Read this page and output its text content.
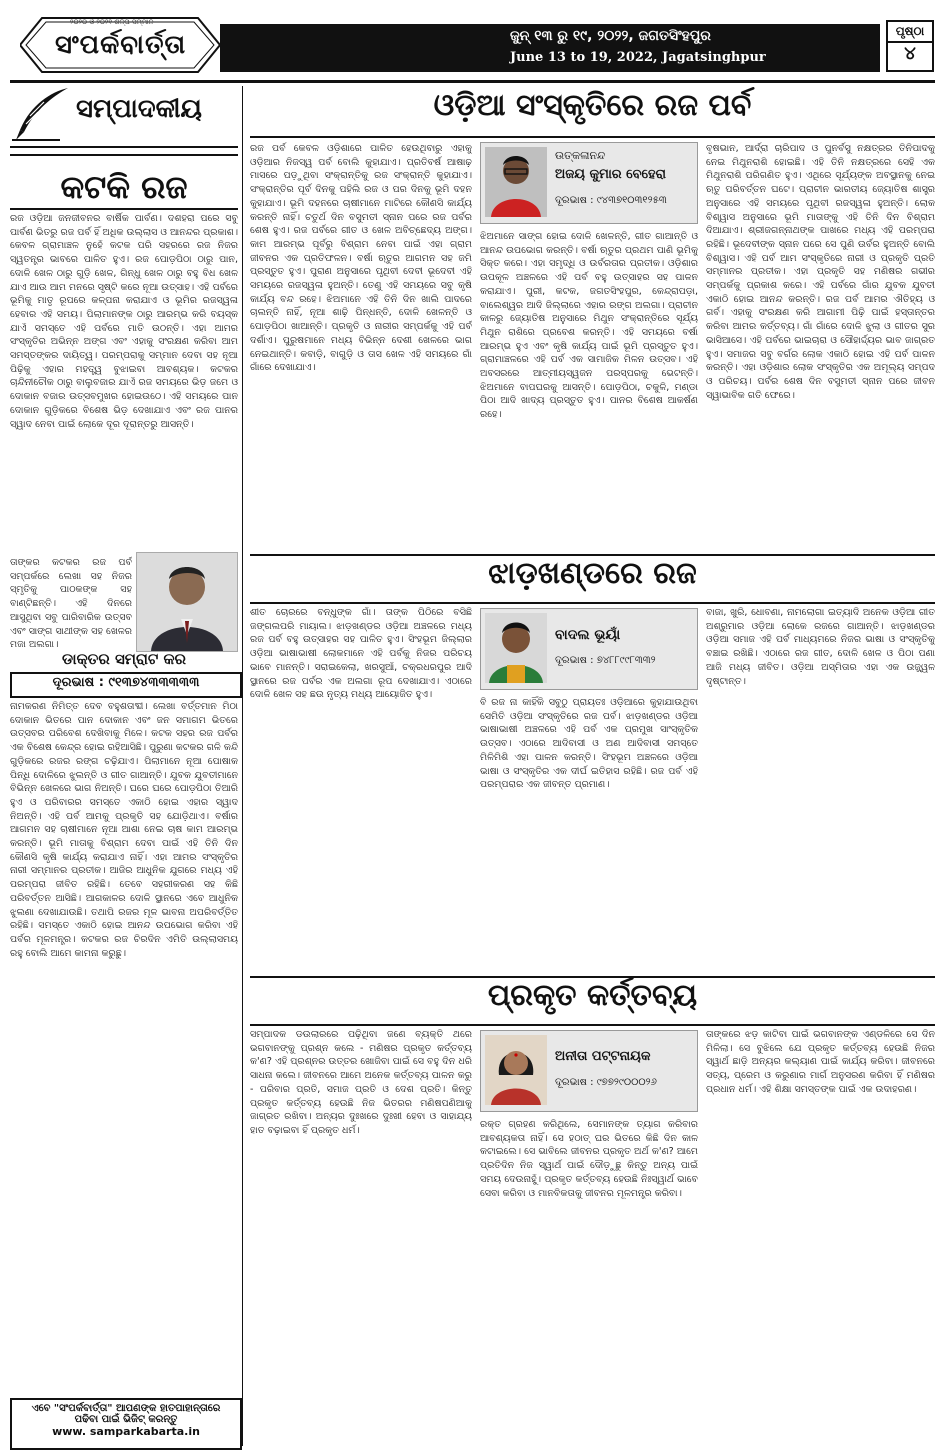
୨୦୨୦ ଓ ୨୦୨୧ ଶିଳ୍ପି ସମ୍ମାନ
ସଂପର୍କବାର୍ତ୍ତା	ଜୁନ୍ ୧୩ ରୁ ୧୯, ୨୦୨୨, ଜଗତସିଂହପୁର
June 13 to 19, 2022, Jagatsinghpur
ପୃଷ୍ଠା
୪
ସମ୍ପାଦକୀୟ
କଟକି ରଜ
ରଜ ଓଡ଼ିଆ ଜନଜୀବନର ବାର୍ଷିକ ପାର୍ବଣ। ଦଶହରା ପରେ ସବୁ ପାର୍ବଣ ଭିତରୁ ରଜ ପର୍ବ ହିଁ ଅଧିକ ଉଲ୍ଲାସ ଓ ଆନନ୍ଦର ପ୍ରକାଶ। କେବଳ ଗ୍ରାମାଞ୍ଚଳ ନୁହେଁ କଟକ ପରି ସହରରେ ରଜ ନିଜର ସ୍ୱତନ୍ତ୍ର ଭାବରେ ପାଳିତ ହୁଏ। ରଜ ପୋଡ଼ପିଠା ଠାରୁ ପାନ, ଦୋଳି ଖେଳ ଠାରୁ ଗୁଡ଼ି ଖେଳ, ଗିନ୍ଧୁ ଖେଳ ଠାରୁ ବହୁ ବିଧ ଖେଳ ଯାଏ ଆଉ ଆମ ମନରେ ସୃଷ୍ଟି କରେ ନୂଆ ଉତ୍ସାହ। ଏହି ପର୍ବରେ ଭୂମିକୁ ମାତୃ ରୂପରେ କଳ୍ପନା କରାଯାଏ ଓ ଭୂମିର ରଜସ୍ୱଳା ହେବାର ଏହି ସମୟ। ପିଲାମାନଙ୍କ ଠାରୁ ଆରମ୍ଭ କରି ବୟସ୍କ ଯାଏଁ ସମସ୍ତେ ଏହି ପର୍ବରେ ମାତି ଉଠନ୍ତି। ଏହା ଆମର ସଂସ୍କୃତିର ଅଭିନ୍ନ ଅଙ୍ଗ ଏବଂ ଏହାକୁ ସଂରକ୍ଷଣ କରିବା ଆମ ସମସ୍ତଙ୍କର ଦାୟିତ୍ୱ। ପରମ୍ପରାକୁ ସମ୍ମାନ ଦେବା ସହ ନୂଆ ପିଢ଼ିକୁ ଏହାର ମହତ୍ତ୍ୱ ବୁଝାଇବା ଆବଶ୍ୟକ। କଟକର ଚାନ୍ଦିନୀଚୌକ ଠାରୁ ବାଲୁବଜାର ଯାଏଁ ରଜ ସମୟରେ ଭିଡ଼ ଜମେ ଓ ଦୋକାନ ବଜାର ଉତ୍ସବମୁଖର ହୋଇଉଠେ। ଏହି ସମୟରେ ପାନ ଦୋକାନ ଗୁଡ଼ିକରେ ବିଶେଷ ଭିଡ଼ ଦେଖାଯାଏ ଏବଂ ରଜ ପାନର ସ୍ୱାଦ ନେବା ପାଇଁ ଲୋକେ ଦୂର ଦୂରାନ୍ତରୁ ଆସନ୍ତି।
ତାଙ୍କର କଟକର ରଜ ପର୍ବ ସମ୍ପର୍କରେ ଲେଖା ସହ ନିଜର ସ୍ମୃତିକୁ ପାଠକଙ୍କ ସହ ବାଣ୍ଟିଛନ୍ତି। ଏହି ଦିନରେ ଆସୁଥିବା ସବୁ ପାରିବାରିକ ଉତ୍ସବ ଏବଂ ସାଙ୍ଗ ସାଥୀଙ୍କ ସହ ଖେଳର ମଜା ଅଲଗା।
ଡାକ୍ତର ସମ୍ରାଟ କର
ଦୂରଭାଷ : ୯୧୩୭୪୩୩୩୩୩
ନାମକରଣ ନିମିତ୍ତ ଦେବ ବହୁଶତାବ୍ଦୀ। ଲେଖା ବର୍ତ୍ତମାନ ମିଠା ଦୋକାନ ଭିତରେ ପାନ ଦୋକାନ ଏବଂ ଜନ ସମାଗମ ଭିତରେ ଉତ୍ସବର ପରିବେଶ ଦେଖିବାକୁ ମିଳେ। କଟକ ସହର ରଜ ପର୍ବର ଏକ ବିଶେଷ କେନ୍ଦ୍ର ହୋଇ ରହିଆସିଛି। ପୁରୁଣା କଟକର ଗଳି କନ୍ଦି ଗୁଡ଼ିକରେ ରଜର ରଙ୍ଗ ଚଢ଼ିଯାଏ। ପିଲାମାନେ ନୂଆ ପୋଷାକ ପିନ୍ଧି ଦୋଳିରେ ଝୁଲନ୍ତି ଓ ଗୀତ ଗାଆନ୍ତି। ଯୁବକ ଯୁବତୀମାନେ ବିଭିନ୍ନ ଖେଳରେ ଭାଗ ନିଅନ୍ତି। ଘରେ ଘରେ ପୋଡ଼ପିଠା ତିଆରି ହୁଏ ଓ ପରିବାରର ସମସ୍ତେ ଏକାଠି ହୋଇ ଏହାର ସ୍ୱାଦ ନିଅନ୍ତି। ଏହି ପର୍ବ ଆମକୁ ପ୍ରକୃତି ସହ ଯୋଡ଼ିଥାଏ। ବର୍ଷାର ଆଗମନ ସହ ଚାଷୀମାନେ ନୂଆ ଆଶା ନେଇ ଚାଷ କାମ ଆରମ୍ଭ କରନ୍ତି। ଭୂମି ମାତାକୁ ବିଶ୍ରାମ ଦେବା ପାଇଁ ଏହି ତିନି ଦିନ କୌଣସି କୃଷି କାର୍ଯ୍ୟ କରାଯାଏ ନାହିଁ। ଏହା ଆମର ସଂସ୍କୃତିର ନାରୀ ସମ୍ମାନର ପ୍ରତୀକ। ଆଜିର ଆଧୁନିକ ଯୁଗରେ ମଧ୍ୟ ଏହି ପରମ୍ପରା ଜୀବିତ ରହିଛି। ତେବେ ସହରୀକରଣ ସହ କିଛି ପରିବର୍ତ୍ତନ ଆସିଛି। ଆଗକାଳର ଦୋଳି ସ୍ଥାନରେ ଏବେ ଆଧୁନିକ ଝୁଲଣା ଦେଖାଯାଉଛି। ତଥାପି ରଜର ମୂଳ ଭାବନା ଅପରିବର୍ତ୍ତିତ ରହିଛି। ସମସ୍ତେ ଏକାଠି ହୋଇ ଆନନ୍ଦ ଉପଭୋଗ କରିବା ଏହି ପର୍ବର ମୂଳମନ୍ତ୍ର। କଟକର ରଜ ଚିରଦିନ ଏମିତି ଉଲ୍ଲାସମୟ ରହୁ ବୋଲି ଆମେ କାମନା କରୁଛୁ।
ଏବେ "ସଂପର୍କବାର୍ତ୍ତା" ଆପଣଙ୍କ ହାତପାହାନ୍ତାରେ
ପଢିବା ପାଇଁ ଭିଜିଟ୍ କରନ୍ତୁ
www. samparkabarta.in
ଓଡ଼ିଆ ସଂସ୍କୃତିରେ ରଜ ପର୍ବ
ରଜ ପର୍ବ କେବଳ ଓଡ଼ିଶାରେ ପାଳିତ ହେଉଥିବାରୁ ଏହାକୁ ଓଡ଼ିଆର ନିଜସ୍ୱ ପର୍ବ ବୋଲି କୁହାଯାଏ। ପ୍ରତିବର୍ଷ ଆଷାଢ଼ ମାସରେ ପଡ଼ୁଥିବା ସଂକ୍ରାନ୍ତିକୁ ରଜ ସଂକ୍ରାନ୍ତି କୁହାଯାଏ। ସଂକ୍ରାନ୍ତିର ପୂର୍ବ ଦିନକୁ ପହିଲି ରଜ ଓ ପର ଦିନକୁ ଭୂମି ଦହନ କୁହାଯାଏ। ଭୂମି ଦହନରେ ଚାଷୀମାନେ ମାଟିରେ କୌଣସି କାର୍ଯ୍ୟ କରନ୍ତି ନାହିଁ। ଚତୁର୍ଥ ଦିନ ବସୁମତୀ ସ୍ନାନ ପରେ ରଜ ପର୍ବର ଶେଷ ହୁଏ। ରଜ ପର୍ବରେ ଗୀତ ଓ ଖେଳ ଅବିଚ୍ଛେଦ୍ୟ ଅଙ୍ଗ। କାମ ଆରମ୍ଭ ପୂର୍ବରୁ ବିଶ୍ରାମ ନେବା ପାଇଁ ଏହା ଗ୍ରାମ ଜୀବନର ଏକ ପ୍ରତିଫଳନ। ବର୍ଷା ଋତୁର ଆଗମନ ସହ ଜମି ପ୍ରସ୍ତୁତ ହୁଏ। ପୁରାଣ ଅନୁସାରେ ପୃଥିବୀ ଦେବୀ ଭୂଦେବୀ ଏହି ସମୟରେ ରଜସ୍ୱଳା ହୁଅନ୍ତି। ତେଣୁ ଏହି ସମୟରେ ସବୁ କୃଷି କାର୍ଯ୍ୟ ବନ୍ଦ ରହେ। ଝିଅମାନେ ଏହି ତିନି ଦିନ ଖାଲି ପାଦରେ ଚାଲନ୍ତି ନାହିଁ, ନୂଆ ଶାଢ଼ି ପିନ୍ଧନ୍ତି, ଦୋଳି ଖେଳନ୍ତି ଓ ପୋଡ଼ପିଠା ଖାଆନ୍ତି। ପ୍ରକୃତି ଓ ନାରୀର ସମ୍ପର୍କକୁ ଏହି ପର୍ବ ଦର୍ଶାଏ। ପୁରୁଷମାନେ ମଧ୍ୟ ବିଭିନ୍ନ ଦେଶୀ ଖେଳରେ ଭାଗ ନେଇଥାନ୍ତି। କବାଡ଼ି, ବାଗୁଡ଼ି ଓ ତାସ ଖେଳ ଏହି ସମୟରେ ଗାଁ ଗାଁରେ ଦେଖାଯାଏ।
ଉତ୍କଳାନନ୍ଦ
ଅଜୟ କୁମାର ବେହେରା
ଦୂରଭାଷ : ୯୪୩୭୧୦୩୧୨୫୩
ଝିଅମାନେ ସାଙ୍ଗ ହୋଇ ଦୋଳି ଖେଳନ୍ତି, ଗୀତ ଗାଆନ୍ତି ଓ ଆନନ୍ଦ ଉପଭୋଗ କରନ୍ତି। ବର୍ଷା ଋତୁର ପ୍ରଥମ ପାଣି ଭୂମିକୁ ସିକ୍ତ କରେ। ଏହା ସମୃଦ୍ଧି ଓ ଉର୍ବରତାର ପ୍ରତୀକ। ଓଡ଼ିଶାର ଉପକୂଳ ଅଞ୍ଚଳରେ ଏହି ପର୍ବ ବହୁ ଉତ୍ସାହର ସହ ପାଳନ କରାଯାଏ। ପୁରୀ, କଟକ, ଜଗତସିଂହପୁର, କେନ୍ଦ୍ରାପଡ଼ା, ବାଲେଶ୍ୱର ଆଦି ଜିଲ୍ଲାରେ ଏହାର ରଙ୍ଗ ଅଲଗା। ପ୍ରାଚୀନ କାଳରୁ ଜ୍ୟୋତିଷ ଅନୁସାରେ ମିଥୁନ ସଂକ୍ରାନ୍ତିରେ ସୂର୍ଯ୍ୟ ମିଥୁନ ରାଶିରେ ପ୍ରବେଶ କରନ୍ତି। ଏହି ସମୟରେ ବର୍ଷା ଆରମ୍ଭ ହୁଏ ଏବଂ କୃଷି କାର୍ଯ୍ୟ ପାଇଁ ଭୂମି ପ୍ରସ୍ତୁତ ହୁଏ। ଗ୍ରାମାଞ୍ଚଳରେ ଏହି ପର୍ବ ଏକ ସାମାଜିକ ମିଳନ ଉତ୍ସବ। ଏହି ଅବସରରେ ଆତ୍ମୀୟସ୍ୱଜନ ପରସ୍ପରକୁ ଭେଟନ୍ତି। ଝିଅମାନେ ବାପଘରକୁ ଆସନ୍ତି। ପୋଡ଼ପିଠା, ଚକୁଳି, ମଣ୍ଡା ପିଠା ଆଦି ଖାଦ୍ୟ ପ୍ରସ୍ତୁତ ହୁଏ। ପାନର ବିଶେଷ ଆକର୍ଷଣ ରହେ।
ବୃଷଭାନ, ଆର୍ଦ୍ରା ଚାରିପାଦ ଓ ପୁନର୍ବସୁ ନକ୍ଷତ୍ରର ତିନିପାଦକୁ ନେଇ ମିଥୁନରାଶି ହୋଇଛି। ଏହି ତିନି ନକ୍ଷତ୍ରରେ ସେହି ଏକ ମିଥୁନରାଶି ପରିଗଣିତ ହୁଏ। ଏଥିରେ ସୂର୍ଯ୍ୟଙ୍କ ଅବସ୍ଥାନକୁ ନେଇ ଋତୁ ପରିବର୍ତ୍ତନ ଘଟେ। ପ୍ରାଚୀନ ଭାରତୀୟ ଜ୍ୟୋତିଷ ଶାସ୍ତ୍ର ଅନୁସାରେ ଏହି ସମୟରେ ପୃଥିବୀ ରଜସ୍ୱଳା ହୁଅନ୍ତି। ଲୋକ ବିଶ୍ୱାସ ଅନୁସାରେ ଭୂମି ମାତାଙ୍କୁ ଏହି ତିନି ଦିନ ବିଶ୍ରାମ ଦିଆଯାଏ। ଶ୍ରୀଜଗନ୍ନାଥଙ୍କ ପାଖରେ ମଧ୍ୟ ଏହି ପରମ୍ପରା ରହିଛି। ଭୂଦେବୀଙ୍କ ସ୍ନାନ ପରେ ସେ ପୁଣି ଉର୍ବର ହୁଅନ୍ତି ବୋଲି ବିଶ୍ୱାସ। ଏହି ପର୍ବ ଆମ ସଂସ୍କୃତିରେ ନାରୀ ଓ ପ୍ରକୃତି ପ୍ରତି ସମ୍ମାନର ପ୍ରତୀକ। ଏହା ପ୍ରକୃତି ସହ ମଣିଷର ଗଭୀର ସମ୍ପର୍କକୁ ପ୍ରକାଶ କରେ। ଏହି ପର୍ବରେ ଗାଁର ଯୁବକ ଯୁବତୀ ଏକାଠି ହୋଇ ଆନନ୍ଦ କରନ୍ତି। ରଜ ପର୍ବ ଆମର ଐତିହ୍ୟ ଓ ଗର୍ବ। ଏହାକୁ ସଂରକ୍ଷଣ କରି ଆଗାମୀ ପିଢ଼ି ପାଇଁ ହସ୍ତାନ୍ତର କରିବା ଆମର କର୍ତ୍ତବ୍ୟ। ଗାଁ ଗାଁରେ ଦୋଳି ଝୁଲା ଓ ଗୀତର ସୁର ଭାସିଆସେ। ଏହି ପର୍ବରେ ଭାଇଚାରା ଓ ସୌହାର୍ଦ୍ଦ୍ୟର ଭାବ ଜାଗ୍ରତ ହୁଏ। ସମାଜର ସବୁ ବର୍ଗର ଲୋକ ଏକାଠି ହୋଇ ଏହି ପର୍ବ ପାଳନ କରନ୍ତି। ଏହା ଓଡ଼ିଶାର ଲୋକ ସଂସ୍କୃତିର ଏକ ଅମୂଲ୍ୟ ସମ୍ପଦ ଓ ପରିଚୟ। ପର୍ବର ଶେଷ ଦିନ ବସୁମତୀ ସ୍ନାନ ପରେ ଜୀବନ ସ୍ୱାଭାବିକ ଗତି ଫେରେ।
ଝାଡ଼ଖଣ୍ଡରେ ରଜ
ଶୀତ ଚୋରରେ ବନ୍ଧୁଙ୍କ ଗାଁ। ତାଙ୍କ ପିଠିରେ ବସିଛି ଜଙ୍ଗଲପରି ମାୟାଲ। ଝାଡ଼ଖଣ୍ଡର ଓଡ଼ିଆ ଅଞ୍ଚଳରେ ମଧ୍ୟ ରଜ ପର୍ବ ବହୁ ଉତ୍ସାହର ସହ ପାଳିତ ହୁଏ। ସିଂହଭୂମ ଜିଲ୍ଲାର ଓଡ଼ିଆ ଭାଷାଭାଷୀ ଲୋକମାନେ ଏହି ପର୍ବକୁ ନିଜର ପରିଚୟ ଭାବେ ମାନନ୍ତି। ସରାଇକେଲା, ଖରସୁଆଁ, ଚକ୍ରଧରପୁର ଆଦି ସ୍ଥାନରେ ରଜ ପର୍ବର ଏକ ଅଲଗା ରୂପ ଦେଖାଯାଏ। ଏଠାରେ ଦୋଳି ଖେଳ ସହ ଛଉ ନୃତ୍ୟ ମଧ୍ୟ ଆୟୋଜିତ ହୁଏ।
ବାଦଲ ଭୂୟାଁ
ଦୂରଭାଷ : ୭୪୮୮୯୯୮୩୩୨
ବି ରଜ ନା କାହିଁକି ସବୁଠୁ ପ୍ରାୟତଃ ଓଡ଼ିଆରେ କୁହାଯାଉଥିବା ସେମିତି ଓଡ଼ିଆ ସଂସ୍କୃତିରେ ରଜ ପର୍ବ। ଝାଡ଼ଖଣ୍ଡର ଓଡ଼ିଆ ଭାଷାଭାଷୀ ଅଞ୍ଚଳରେ ଏହି ପର୍ବ ଏକ ପ୍ରମୁଖ ସାଂସ୍କୃତିକ ଉତ୍ସବ। ଏଠାରେ ଆଦିବାସୀ ଓ ଅଣ ଆଦିବାସୀ ସମସ୍ତେ ମିଳିମିଶି ଏହା ପାଳନ କରନ୍ତି। ସିଂହଭୂମ ଅଞ୍ଚଳରେ ଓଡ଼ିଆ ଭାଷା ଓ ସଂସ୍କୃତିର ଏକ ଦୀର୍ଘ ଇତିହାସ ରହିଛି। ରଜ ପର୍ବ ଏହି ପରମ୍ପରାର ଏକ ଜୀବନ୍ତ ପ୍ରମାଣ।
ବାଜା, ଖୁରି, ଧୋବଣା, ନାମଲୋଗା ଇତ୍ୟାଦି ଅନେକ ଓଡ଼ିଆ ଗୀତ ଅଶ୍ରୁମାର ଓଡ଼ିଆ ଲୋକେ ରଜରେ ଗାଆନ୍ତି। ଝାଡ଼ଖଣ୍ଡର ଓଡ଼ିଆ ସମାଜ ଏହି ପର୍ବ ମାଧ୍ୟମରେ ନିଜର ଭାଷା ଓ ସଂସ୍କୃତିକୁ ବଞ୍ଚାଇ ରଖିଛି। ଏଠାରେ ରଜ ଗୀତ, ଦୋଳି ଖେଳ ଓ ପିଠା ପଣା ଆଜି ମଧ୍ୟ ଜୀବିତ। ଓଡ଼ିଆ ଅସ୍ମିତାର ଏହା ଏକ ଉଜ୍ଜ୍ୱଳ ଦୃଷ୍ଟାନ୍ତ।
ପ୍ରକୃତ କର୍ତ୍ତବ୍ୟ
ସମ୍ପାଦକ ଡଉଲାରରେ ପଢ଼ିଥିବା ଜଣେ ବ୍ୟକ୍ତି ଥରେ ଭଗବାନଙ୍କୁ ପ୍ରଶ୍ନ କଲେ - ମଣିଷର ପ୍ରକୃତ କର୍ତ୍ତବ୍ୟ କ'ଣ? ଏହି ପ୍ରଶ୍ନର ଉତ୍ତର ଖୋଜିବା ପାଇଁ ସେ ବହୁ ଦିନ ଧରି ସାଧନା କଲେ। ଜୀବନରେ ଆମେ ଅନେକ କର୍ତ୍ତବ୍ୟ ପାଳନ କରୁ - ପରିବାର ପ୍ରତି, ସମାଜ ପ୍ରତି ଓ ଦେଶ ପ୍ରତି। କିନ୍ତୁ ପ୍ରକୃତ କର୍ତ୍ତବ୍ୟ ହେଉଛି ନିଜ ଭିତରର ମଣିଷପଣିଆକୁ ଜାଗ୍ରତ ରଖିବା। ଅନ୍ୟର ଦୁଃଖରେ ଦୁଃଖୀ ହେବା ଓ ସାହାଯ୍ୟ ହାତ ବଢ଼ାଇବା ହିଁ ପ୍ରକୃତ ଧର୍ମ।
ଅନୀତା ପଟ୍ଟନାୟକ
ଦୂରଭାଷ : ୯୭୭୨୯୦୦୦୨୬
ରକ୍ତ ଗ୍ରହଣ କରିଥିଲେ, ସେମାନଙ୍କ ତ୍ୟାଗ କରିବାର ଆବଶ୍ୟକତା ନାହିଁ। ସେ ହଠାତ୍ ଘର ଭିତରେ କିଛି ଦିନ କାଳ କଟାଇଲେ। ସେ ଭାବିଲେ ଜୀବନର ପ୍ରକୃତ ଅର୍ଥ କ'ଣ? ଆମେ ପ୍ରତିଦିନ ନିଜ ସ୍ୱାର୍ଥ ପାଇଁ ଦୌଡ଼ୁଛୁ କିନ୍ତୁ ଅନ୍ୟ ପାଇଁ ସମୟ ଦେଉନାହୁଁ। ପ୍ରକୃତ କର୍ତ୍ତବ୍ୟ ହେଉଛି ନିଃସ୍ୱାର୍ଥ ଭାବେ ସେବା କରିବା ଓ ମାନବିକତାକୁ ଜୀବନର ମୂଳମନ୍ତ୍ର କରିବା।
ତାଙ୍କରେ ଝଡ଼ କାଟିବା ପାଇଁ ଭଗବାନଙ୍କ ଏଣ୍ଡଳିରେ ସେ ଦିନ ମିଳିଲା। ସେ ବୁଝିଲେ ଯେ ପ୍ରକୃତ କର୍ତ୍ତବ୍ୟ ହେଉଛି ନିଜର ସ୍ୱାର୍ଥ ଛାଡ଼ି ଅନ୍ୟର କଲ୍ୟାଣ ପାଇଁ କାର୍ଯ୍ୟ କରିବା। ଜୀବନରେ ସତ୍ୟ, ପ୍ରେମ ଓ କରୁଣାର ମାର୍ଗ ଅନୁସରଣ କରିବା ହିଁ ମଣିଷର ପ୍ରଧାନ ଧର୍ମ। ଏହି ଶିକ୍ଷା ସମସ୍ତଙ୍କ ପାଇଁ ଏକ ଉଦାହରଣ।
